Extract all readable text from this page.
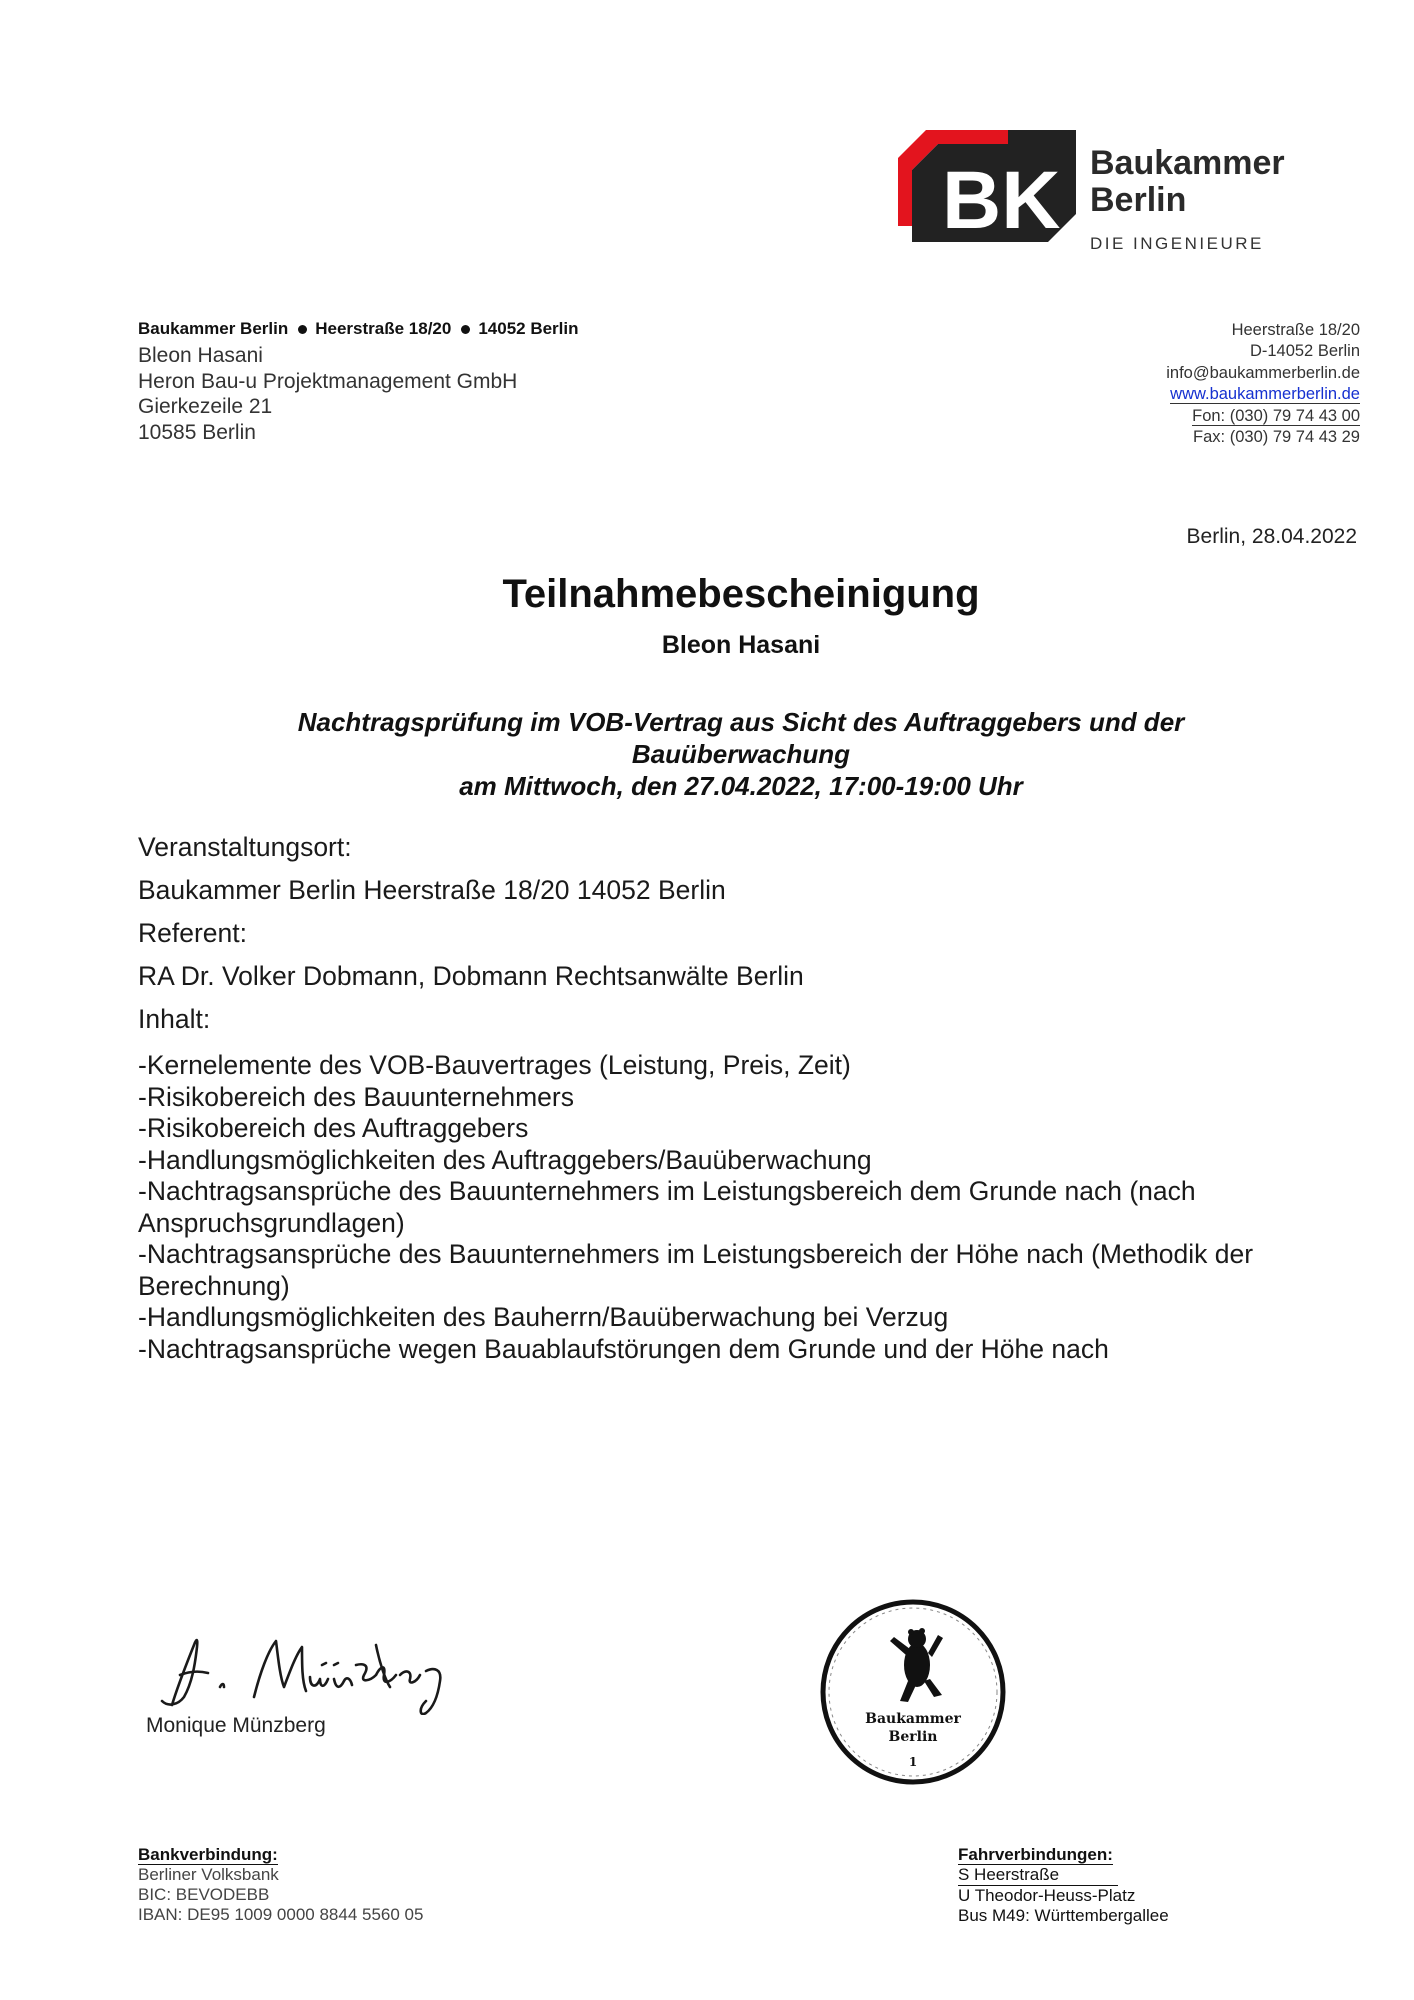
BK Baukammer
Berlin
DIE INGENIEURE
Baukammer Berlin Heerstraße 18/20 14052 Berlin
Bleon Hasani
Heron Bau-u Projektmanagement GmbH
Gierkezeile 21
10585 Berlin
Heerstraße 18/20
D-14052 Berlin
info@baukammerberlin.de
www.baukammerberlin.de
Fon: (030) 79 74 43 00
Fax: (030) 79 74 43 29
Berlin, 28.04.2022
Teilnahmebescheinigung
Bleon Hasani
Nachtragsprüfung im VOB-Vertrag aus Sicht des Auftraggebers und der
Bauüberwachung
am Mittwoch, den 27.04.2022, 17:00-19:00 Uhr
Veranstaltungsort:
Baukammer Berlin Heerstraße 18/20 14052 Berlin
Referent:
RA Dr. Volker Dobmann, Dobmann Rechtsanwälte Berlin
Inhalt:
-Kernelemente des VOB-Bauvertrages (Leistung, Preis, Zeit)
-Risikobereich des Bauunternehmers
-Risikobereich des Auftraggebers
-Handlungsmöglichkeiten des Auftraggebers/Bauüberwachung
-Nachtragsansprüche des Bauunternehmers im Leistungsbereich dem Grunde nach (nach Anspruchsgrundlagen)
-Nachtragsansprüche des Bauunternehmers im Leistungsbereich der Höhe nach (Methodik der Berechnung)
-Handlungsmöglichkeiten des Bauherrn/Bauüberwachung bei Verzug
-Nachtragsansprüche wegen Bauablaufstörungen dem Grunde und der Höhe nach
Monique Münzberg	Baukammer
Berlin
1
Bankverbindung:
Berliner Volksbank
BIC: BEVODEBB
IBAN: DE95 1009 0000 8844 5560 05
Fahrverbindungen:
S Heerstraße
U Theodor-Heuss-Platz
Bus M49: Württembergallee
